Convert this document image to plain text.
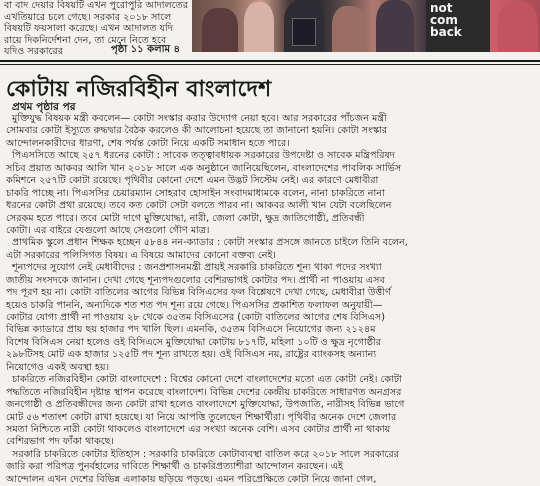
বা বাদ দেয়ার বিষয়টি এখন পুরোপুরি আদালতের
এখতিয়ারে চলে গেছে। সরকার ২০১৮ সালে
বিষয়টি ফয়সালা করেছে। এখন আদালত যদি
রায়ে দিকনির্দেশনা দেন, তা মেনে নিতে হবে
যদিও সরকারের	পৃষ্ঠা ১১ কলাম ৪
not
com
back
কোটায় নজিরবিহীন বাংলাদেশ
প্রথম পৃষ্ঠার পর
মুক্তিযুদ্ধ বিষয়ক মন্ত্রী কবলেন— কোটা সংস্কার করার উদ্যোগ নেয়া হবে। আর সরকারের পাঁচজন মন্ত্রী
সোমবার কোটা ইস্যুতে রুদ্ধদ্বার বৈঠক করলেও কী আলোচনা হয়েছে তা জানানো হয়নি। কোটা সংস্কার
আন্দোলনকারীদের ধারণা, শেষ পর্যন্ত কোটা নিয়ে একটি সমাধান হতে পারে।
পিএসসিতে আছে ২৫৭ ধরনের কোটা : সাবেক তত্ত্বাবধায়ক সরকারের উপদেষ্টা ও সাবেক মন্ত্রিপরিষদ
সচিব প্রয়াত আকবর আলি খান ২০১৮ সালে এক অনুষ্ঠানে জানিয়েছিলেন, বাংলাদেশের পাবলিক সার্ভিস
কমিশনে ২৫৭টি কোটা রয়েছে। পৃথিবীর কোনো দেশে এমন উদ্ভট সিস্টেম নেই। এর কারণে মেধাবীরা
চাকরি পাচ্ছে না। পিএসসির চেয়ারম্যান সোহরাব হোসাইন সংবাদমাধ্যমকে বলেন, নানা চাকরিতে নানা
ধরনের কোটা প্রথা রয়েছে। তবে কত কোটা সেটা বলতে পারব না। আকবর আলী খান যেটা বলেছিলেন
সেরকম হতে পারে। তবে মোটা দাগে মুক্তিযোদ্ধা, নারী, জেলা কোটা, ক্ষুদ্র জাতিগোষ্ঠী, প্রতিবন্ধী
কোটা। এর বাইরে যেগুলো আছে সেগুলো গৌণ মাত্র।
প্রাথমিক স্কুলে প্রধান শিক্ষক হচ্ছেন ৫৮৪৪ নন-ক্যাডার : কোটা সংস্কার প্রসঙ্গে জানতে চাইলে তিনি বলেন,
এটা সরকারের পলিসিগত বিষয়। এ বিষয়ে আমাদের কোনো বক্তব্য নেই।
শূন্যপদের সুযোগ নেই মেধাবীদের : জনপ্রশাসনমন্ত্রী প্রায়ই সরকারি চাকরিতে শূন্য থাকা পদের সংখ্যা
জাতীয় সংসদকে জানান। দেখা গেছে শূন্যপদগুলোর বেশিরভাগই কোটার পদ। প্রার্থী না পাওয়ায় এসব
পদ পূরণ হয় না। কোটা বাতিলের আগের বিভিন্ন বিসিএসের ফল বিশ্লেষণে দেখা গেছে, মেধাবীরা উত্তীর্ণ
হয়েও চাকরি পাননি, অন্যদিকে শত শত পদ শূন্য রয়ে গেছে। পিএসসির প্রকাশিত ফলাফল অনুযায়ী—
কোটার যোগ্য প্রার্থী না পাওয়ায় ২৮ থেকে ৩৫তম বিসিএসের (কোটা বাতিলের আগের শেষ বিসিএস)
বিভিন্ন ক্যাডারে প্রায় ছয় হাজার পদ খালি ছিল। এমনকি, ৩৫তম বিসিএসে নিয়োগের জন্য ২১২৪ম
বিশেষ বিসিএস নেয়া হলেও ওই বিসিএসে মুক্তিযোদ্ধা কোটায় ৮১৭টি, মহিলা ১০টি ও ক্ষুদ্র নৃগোষ্ঠীর
২৯৮টিসহ মোট এক হাজার ১২৫টি পদ শূন্য রাখতে হয়। ওই বিসিএস নয়, রাষ্ট্রের ব্যাংকসহ অন্যান্য
নিয়োগেও একই অবস্থা হয়।
চাকরিতে নজিরবিহীন কোটা বাংলাদেশে : বিশ্বের কোনো দেশে বাংলাদেশের মতো এত কোটা নেই। কোটা
পদ্ধতিতে নজিরবিহীন দৃষ্টান্ত স্থাপন করেছে বাংলাদেশ। বিভিন্ন দেশের কেন্দ্রীয় চাকরিতে সাধারণত অনগ্রসর
জনগোষ্ঠী ও প্রতিবন্ধীদের জন্য কোটা রাখা হলেও বাংলাদেশে মুক্তিযোদ্ধা, উপজাতি, নারীসহ বিভিন্ন ভাগে
মোট ৫৬ শতাংশ কোটা রাখা হয়েছে। যা নিয়ে আপত্তি তুলেছেন শিক্ষার্থীরা। পৃথিবীর অনেক দেশে জেলার
সমতা নিশ্চিতে নারী কোটা থাকলেও বাংলাদেশে এর সংখ্যা অনেক বেশি। এসব কোটার প্রার্থী না থাকায়
বেশিরভাগ পদ ফাঁকা থাকছে।
সরকারি চাকরিতে কোটার ইতিহাস : সরকারি চাকরিতে কোটাব্যবস্থা বাতিল করে ২০১৮ সালে সরকারের
জারি করা পরিপত্র পুনর্বহালের দাবিতে শিক্ষার্থী ও চাকরিপ্রত্যাশীরা আন্দোলন করছেন। এই
আন্দোলন এখন দেশের বিভিন্ন এলাকায় ছড়িয়ে পড়ছে। এমন পরিপ্রেক্ষিতে কোটা নিয়ে জানা গেল,
